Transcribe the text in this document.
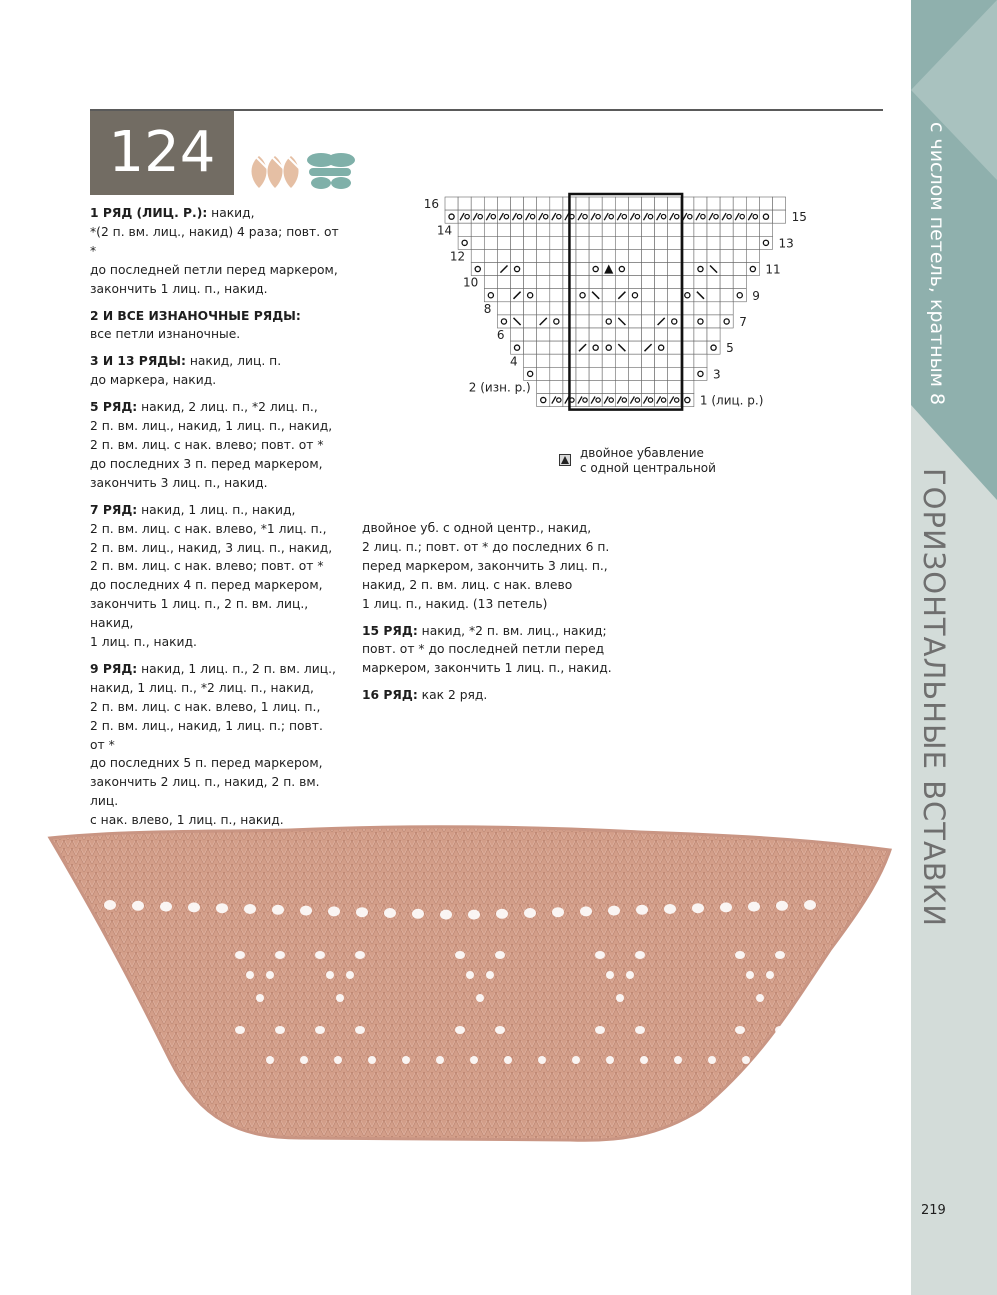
с числом петель, кратным 8
ГОРИЗОНТАЛЬНЫЕ ВСТАВКИ
124

1 РЯД (ЛИЦ. Р.): накид,
*(2 п. вм. лиц., накид) 4 раза; повт. от *
до последней петли перед маркером,
закончить 1 лиц. п., накид.

2 И ВСЕ ИЗНАНОЧНЫЕ РЯДЫ:
все петли изнаночные.

3 И 13 РЯДЫ: накид, лиц. п.
до маркера, накид.

5 РЯД: накид, 2 лиц. п., *2 лиц. п.,
2 п. вм. лиц., накид, 1 лиц. п., накид,
2 п. вм. лиц. с нак. влево; повт. от *
до последних 3 п. перед маркером,
закончить 3 лиц. п., накид.

7 РЯД: накид, 1 лиц. п., накид,
2 п. вм. лиц. с нак. влево, *1 лиц. п.,
2 п. вм. лиц., накид, 3 лиц. п., накид,
2 п. вм. лиц. с нак. влево; повт. от *
до последних 4 п. перед маркером,
закончить 1 лиц. п., 2 п. вм. лиц., накид,
1 лиц. п., накид.

9 РЯД: накид, 1 лиц. п., 2 п. вм. лиц.,
накид, 1 лиц. п., *2 лиц. п., накид,
2 п. вм. лиц. с нак. влево, 1 лиц. п.,
2 п. вм. лиц., накид, 1 лиц. п.; повт. от *
до последних 5 п. перед маркером,
закончить 2 лиц. п., накид, 2 п. вм. лиц.
с нак. влево, 1 лиц. п., накид.

двойное уб. с одной центр., накид,
2 лиц. п.; повт. от * до последних 6 п.
перед маркером, закончить 3 лиц. п.,
накид, 2 п. вм. лиц. с нак. влево
1 лиц. п., накид. (13 петель)

15 РЯД: накид, *2 п. вм. лиц., накид;
повт. от * до последней петли перед
маркером, закончить 1 лиц. п., накид.

16 РЯД: как 2 ряд.

16
15
14
13
12
11
10
9
8
7
6
5
4
3
2 (изн. р.)
1 (лиц. р.)
двойное убавление
с одной центральной
219
